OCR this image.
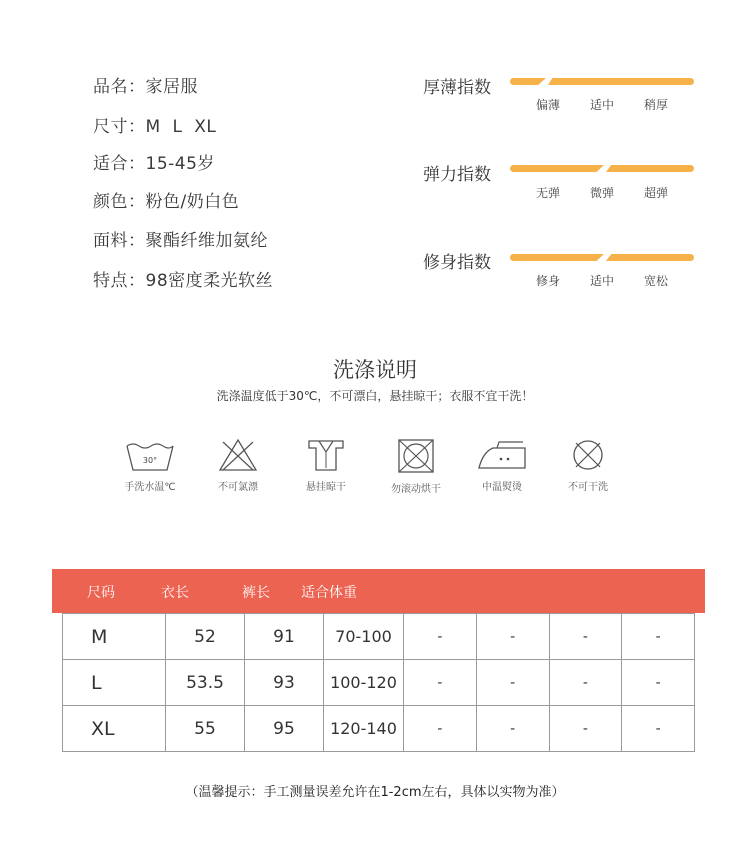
品名：家居服
尺寸：M  L  XL
适合：15-45岁
颜色：粉色/奶白色
面料：聚酯纤维加氨纶
特点：98密度柔光软丝
厚薄指数
偏薄	适中	稍厚
弹力指数
无弹	微弹	超弹
修身指数
修身	适中	宽松
洗涤说明
洗涤温度低于30℃，不可漂白，悬挂晾干；衣服不宜干洗！
30°
手洗水温℃	不可氯漂	悬挂晾干	勿滚动烘干	中温熨烫	不可干洗
尺码	衣长	裤长 适合体重
M	52	91	70-100	-	-	-	-
L	53.5	93	100-120	-	-	-	-
XL	55	95	120-140	-	-	-	-
（温馨提示：手工测量误差允许在1-2cm左右，具体以实物为准）
